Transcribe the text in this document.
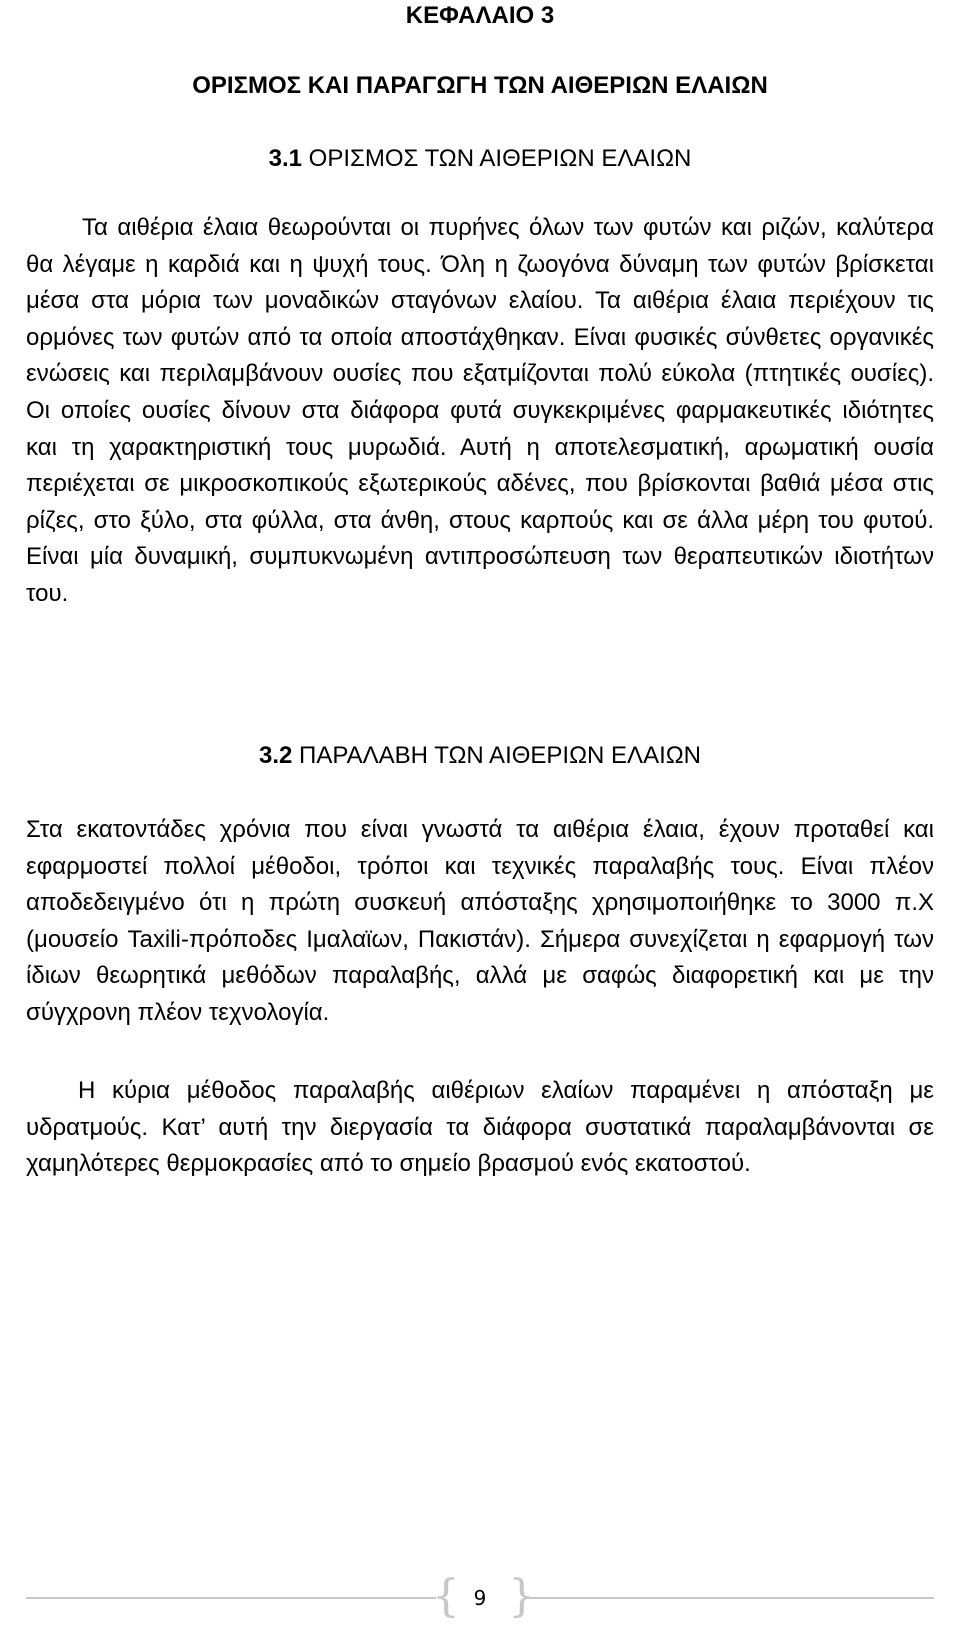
ΚΕΦΑΛΑΙΟ 3
ΟΡΙΣΜΟΣ ΚΑΙ ΠΑΡΑΓΩΓΗ ΤΩΝ ΑΙΘΕΡΙΩΝ ΕΛΑΙΩΝ
3.1 ΟΡΙΣΜΟΣ ΤΩΝ ΑΙΘΕΡΙΩΝ ΕΛΑΙΩΝ

Τα αιθέρια έλαια θεωρούνται οι πυρήνες όλων των φυτών και ριζών, καλύτερα θα λέγαμε η καρδιά και η ψυχή τους. Όλη η ζωογόνα δύναμη των φυτών βρίσκεται μέσα στα μόρια των μοναδικών σταγόνων ελαίου. Τα αιθέρια έλαια περιέχουν τις ορμόνες των φυτών από τα οποία αποστάχθηκαν. Είναι φυσικές σύνθετες οργανικές ενώσεις και περιλαμβάνουν ουσίες που εξατμίζονται πολύ εύκολα (πτητικές ουσίες). Οι οποίες ουσίες δίνουν στα διάφορα φυτά συγκεκριμένες φαρμακευτικές ιδιότητες και τη χαρακτηριστική τους μυρωδιά. Αυτή η αποτελεσματική, αρωματική ουσία περιέχεται σε μικροσκοπικούς εξωτερικούς αδένες, που βρίσκονται βαθιά μέσα στις ρίζες, στο ξύλο, στα φύλλα, στα άνθη, στους καρπούς και σε άλλα μέρη του φυτού. Είναι μία δυναμική, συμπυκνωμένη αντιπροσώπευση των θεραπευτικών ιδιοτήτων του.

3.2 ΠΑΡΑΛΑΒΗ ΤΩΝ ΑΙΘΕΡΙΩΝ ΕΛΑΙΩΝ

Στα εκατοντάδες χρόνια που είναι γνωστά τα αιθέρια έλαια, έχουν προταθεί και εφαρμοστεί πολλοί μέθοδοι, τρόποι και τεχνικές παραλαβής τους. Είναι πλέον αποδεδειγμένο ότι η πρώτη συσκευή απόσταξης χρησιμοποιήθηκε το 3000 π.Χ (μουσείο Taxili-πρόποδες Ιμαλαϊων, Πακιστάν). Σήμερα συνεχίζεται η εφαρμογή των ίδιων θεωρητικά μεθόδων παραλαβής, αλλά με σαφώς διαφορετική και με την σύγχρονη πλέον τεχνολογία.

Η κύρια μέθοδος παραλαβής αιθέριων ελαίων παραμένει η απόσταξη με υδρατμούς. Κατ’ αυτή την διεργασία τα διάφορα συστατικά παραλαμβάνονται σε χαμηλότερες θερμοκρασίες από το σημείο βρασμού ενός εκατοστού.

{ 9 }
